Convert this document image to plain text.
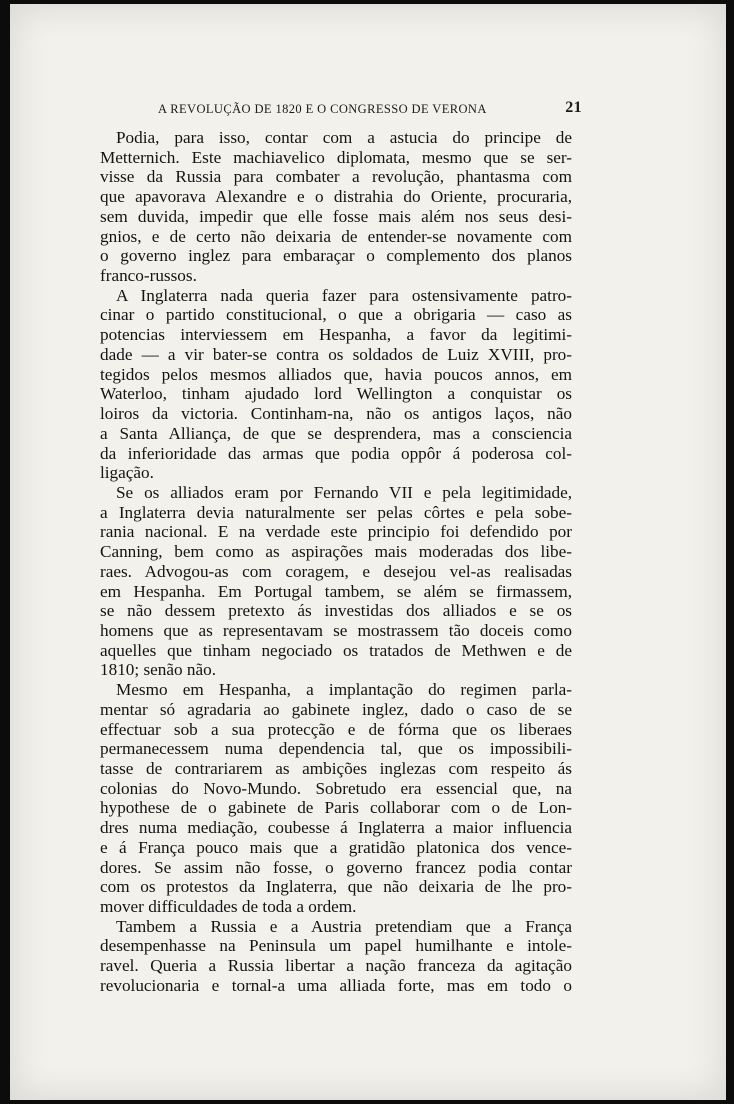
A REVOLUÇÃO DE 1820 E O CONGRESSO DE VERONA	21
Podia, para isso, contar com a astucia do principe de
Metternich. Este machiavelico diplomata, mesmo que se ser-
visse da Russia para combater a revolução, phantasma com
que apavorava Alexandre e o distrahia do Oriente, procuraria,
sem duvida, impedir que elle fosse mais além nos seus desi-
gnios, e de certo não deixaria de entender-se novamente com
o governo inglez para embaraçar o complemento dos planos
franco-russos.
A Inglaterra nada queria fazer para ostensivamente patro-
cinar o partido constitucional, o que a obrigaria — caso as
potencias interviessem em Hespanha, a favor da legitimi-
dade — a vir bater-se contra os soldados de Luiz XVIII, pro-
tegidos pelos mesmos alliados que, havia poucos annos, em
Waterloo, tinham ajudado lord Wellington a conquistar os
loiros da victoria. Continham-na, não os antigos laços, não
a Santa Alliança, de que se desprendera, mas a consciencia
da inferioridade das armas que podia oppôr á poderosa col-
ligação.
Se os alliados eram por Fernando VII e pela legitimidade,
a Inglaterra devia naturalmente ser pelas côrtes e pela sobe-
rania nacional. E na verdade este principio foi defendido por
Canning, bem como as aspirações mais moderadas dos libe-
raes. Advogou-as com coragem, e desejou vel-as realisadas
em Hespanha. Em Portugal tambem, se além se firmassem,
se não dessem pretexto ás investidas dos alliados e se os
homens que as representavam se mostrassem tão doceis como
aquelles que tinham negociado os tratados de Methwen e de
1810; senão não.
Mesmo em Hespanha, a implantação do regimen parla-
mentar só agradaria ao gabinete inglez, dado o caso de se
effectuar sob a sua protecção e de fórma que os liberaes
permanecessem numa dependencia tal, que os impossibili-
tasse de contrariarem as ambições inglezas com respeito ás
colonias do Novo-Mundo. Sobretudo era essencial que, na
hypothese de o gabinete de Paris collaborar com o de Lon-
dres numa mediação, coubesse á Inglaterra a maior influencia
e á França pouco mais que a gratidão platonica dos vence-
dores. Se assim não fosse, o governo francez podia contar
com os protestos da Inglaterra, que não deixaria de lhe pro-
mover difficuldades de toda a ordem.
Tambem a Russia e a Austria pretendiam que a França
desempenhasse na Peninsula um papel humilhante e intole-
ravel. Queria a Russia libertar a nação franceza da agitação
revolucionaria e tornal-a uma alliada forte, mas em todo o
